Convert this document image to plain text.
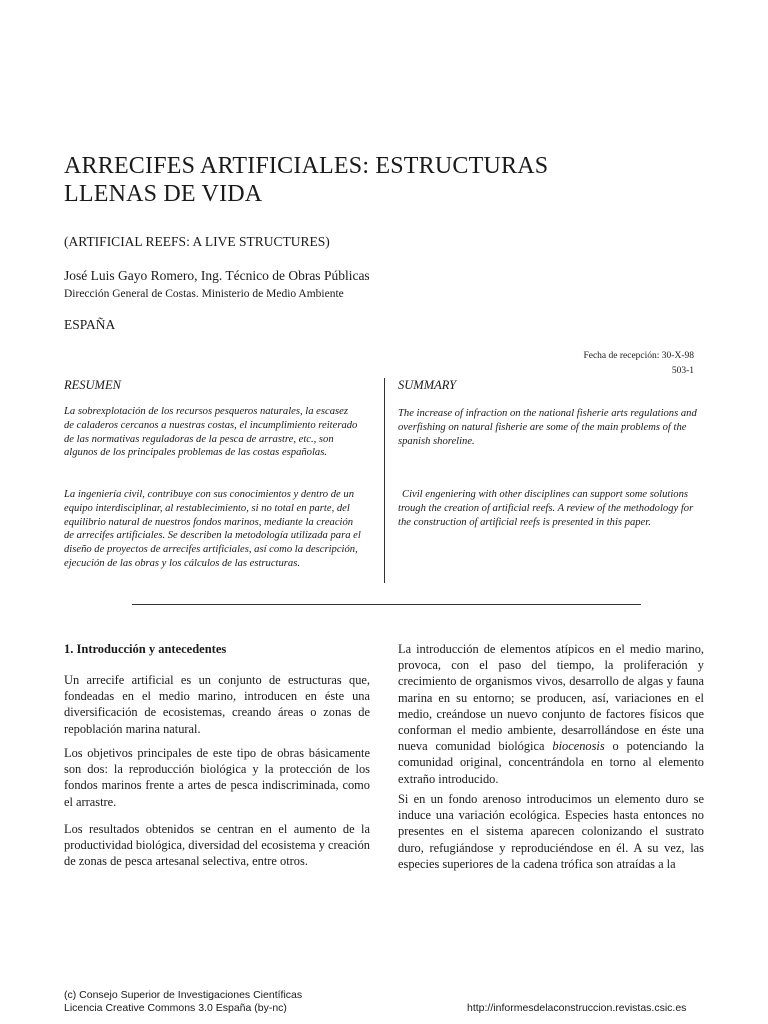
ARRECIFES ARTIFICIALES: ESTRUCTURAS
LLENAS DE VIDA
(ARTIFICIAL REEFS: A LIVE STRUCTURES)
José Luis Gayo Romero, Ing. Técnico de Obras Públicas
Dirección General de Costas. Ministerio de Medio Ambiente
ESPAÑA
Fecha de recepción: 30-X-98
503-1
RESUMEN

La sobrexplotación de los recursos pesqueros naturales, la escasez de caladeros cercanos a nuestras costas, el incumplimiento reiterado de las normativas reguladoras de la pesca de arrastre, etc., son algunos de los principales problemas de las costas españolas.

La ingeniería civil, contribuye con sus conocimientos y dentro de un equipo interdisciplinar, al restablecimiento, si no total en parte, del equilibrio natural de nuestros fondos marinos, mediante la creación de arrecifes artificiales. Se describen la metodología utilizada para el diseño de proyectos de arrecifes artificiales, así como la descripción, ejecución de las obras y los cálculos de las estructuras.

SUMMARY

The increase of infraction on the national fisherie arts regulations and overfishing on natural fisherie are some of the main problems of the spanish shoreline.

Civil engeniering with other disciplines can support some solutions trough the creation of artificial reefs. A review of the methodology for the construction of artificial reefs is presented in this paper.

1. Introducción y antecedentes

Un arrecife artificial es un conjunto de estructuras que, fondeadas en el medio marino, introducen en éste una diversificación de ecosistemas, creando áreas o zonas de repoblación marina natural.

Los objetivos principales de este tipo de obras básicamente son dos: la reproducción biológica y la protección de los fondos marinos frente a artes de pesca indiscriminada, como el arrastre.

Los resultados obtenidos se centran en el aumento de la productividad biológica, diversidad del ecosistema y creación de zonas de pesca artesanal selectiva, entre otros.

La introducción de elementos atípicos en el medio marino, provoca, con el paso del tiempo, la proliferación y crecimiento de organismos vivos, desarrollo de algas y fauna marina en su entorno; se producen, así, variaciones en el medio, creándose un nuevo conjunto de factores físicos que conforman el medio ambiente, desarrollándose en éste una nueva comunidad biológica biocenosis o potenciando la comunidad original, concentrándola en torno al elemento extraño introducido.

Si en un fondo arenoso introducimos un elemento duro se induce una variación ecológica. Especies hasta entonces no presentes en el sistema aparecen colonizando el sustrato duro, refugiándose y reproduciéndose en él. A su vez, las especies superiores de la cadena trófica son atraídas a la

(c) Consejo Superior de Investigaciones Científicas
Licencia Creative Commons 3.0 España (by-nc)	http://informesdelaconstruccion.revistas.csic.es
